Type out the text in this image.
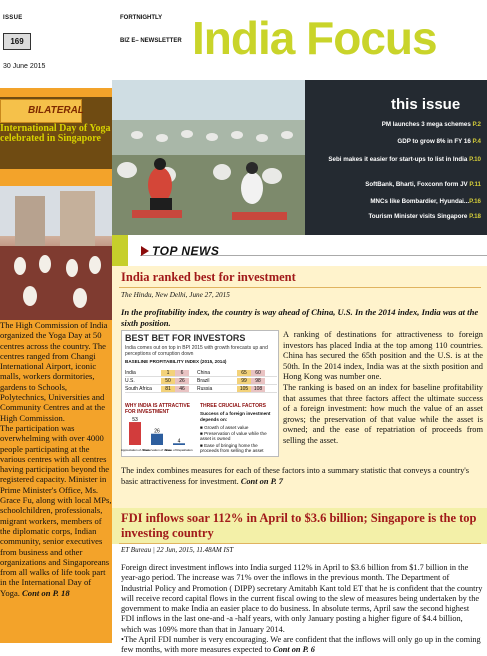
ISSUE
169
30 June 2015
FORTNIGHTLY
BIZ E– NEWSLETTER India Focus
this issue
PM launches 3 mega schemes P.2
GDP to grow 8% in FY 16 P.4
Sebi makes it easier for start-ups to list in India P.10
SoftBank, Bharti, Foxconn form JV P.11
MNCs like Bombardier, Hyundai...P.16
Tourism Minister visits Singapore P.18
BILATERAL
International Day of Yoga celebrated in Singapore

The High Commission of India organized the Yoga Day at 50 centres across the country. The centres ranged from Changi International Airport, iconic malls, workers dormitories, gardens to Schools, Polytechnics, Universities and Community Centres and at the High Commission.

The participation was overwhelming with over 4000 people participating at the various centres with all centres having participation beyond the registered capacity. Minister in Prime Minister's Office, Ms. Grace Fu, along with local MPs, schoolchildren, professionals, migrant workers, members of the diplomatic corps, Indian community, senior executives from business and other organizations and Singaporeans from all walks of life took part in the International Day of Yoga. Cont on P. 18

TOP NEWS
India ranked best for investment
The Hindu, New Delhi, June 27, 2015
In the profitability index, the country is way ahead of China, U.S. In the 2014 index, India was at the sixth position.
BEST BET FOR INVESTORS
India comes out on top in BPI 2015 with growth forecasts up and perceptions of corruption down
BASELINE PROFITABILITY INDEX (2015, 2014)
India	1	6	China	65	60
U.S.	50	26	Brazil	99	98
South Africa	81	46	Russia	105	108
WHY INDIA IS ATTRACTIVE FOR INVESTMENT
53
Appreciation of Asset
26
Preservation of Value
4
Ease of Repatriation
THREE CRUCIAL FACTORS
Success of a foreign investment depends on:
■ Growth of asset value
■ Preservation of value while the asset is owned
■ Ease of bringing home the proceeds from selling the asset

A ranking of destinations for attractiveness to foreign investors has placed India at the top among 110 countries. China has secured the 65th position and the U.S. is at the 50th. In the 2014 index, India was at the sixth position and Hong Kong was number one.

The ranking is based on an index for baseline profitability that assumes that three factors affect the ultimate success of a foreign investment: how much the value of an asset grows; the preservation of that value while the asset is owned; and the ease of repatriation of proceeds from selling the asset.

The index combines measures for each of these factors into a summary statistic that conveys a country's basic attractiveness for investment. Cont on P. 7
FDI inflows soar 112% in April to $3.6 billion; Singapore is the top investing country
ET Bureau | 22 Jun, 2015, 11.48AM IST

Foreign direct investment inflows into India surged 112% in April to $3.6 billion from $1.7 billion in the year-ago period. The increase was 71% over the inflows in the previous month. The Department of Industrial Policy and Promotion ( DIPP) secretary Amitabh Kant told ET that he is confident that the country will receive record capital flows in the current fiscal owing to the slew of measures being undertaken by the government to make India an easier place to do business. In absolute terms, April saw the second highest FDI inflows in the last one-and -a -half years, with only January posting a higher figure of $4.4 billion, which was 109% more than that in January 2014.

•The April FDI number is very encouraging. We are confident that the inflows will only go up in the coming few months, with more measures expected to Cont on P. 6
